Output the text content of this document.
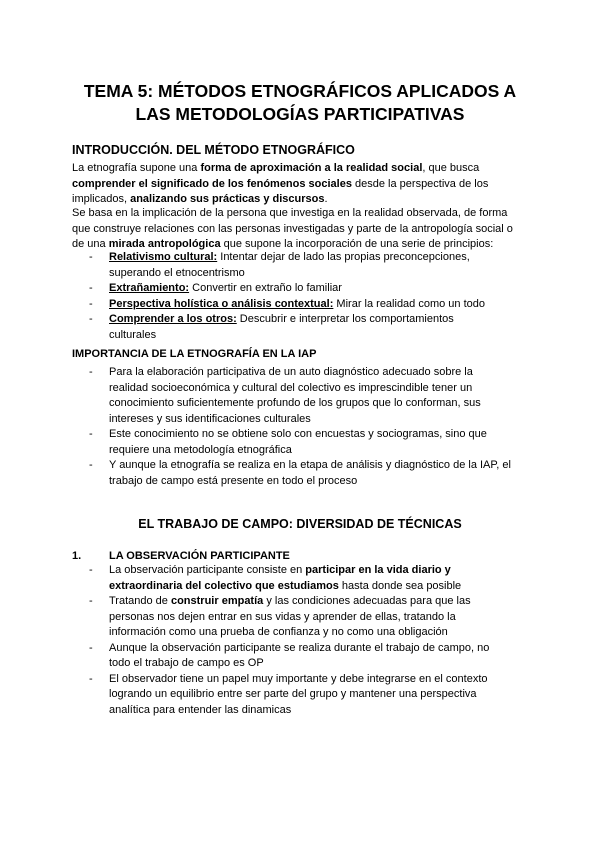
TEMA 5: MÉTODOS ETNOGRÁFICOS APLICADOS A
LAS METODOLOGÍAS PARTICIPATIVAS
INTRODUCCIÓN. DEL MÉTODO ETNOGRÁFICO

La etnografía supone una forma de aproximación a la realidad social, que busca comprender el significado de los fenómenos sociales desde la perspectiva de los implicados, analizando sus prácticas y discursos.

Se basa en la implicación de la persona que investiga en la realidad observada, de forma que construye relaciones con las personas investigadas y parte de la antropología social o de una mirada antropológica que supone la incorporación de una serie de principios:

- Relativismo cultural: Intentar dejar de lado las propias preconcepciones, superando el etnocentrismo
- Extrañamiento: Convertir en extraño lo familiar
- Perspectiva holística o análisis contextual: Mirar la realidad como un todo
- Comprender a los otros: Descubrir e interpretar los comportamientos culturales
IMPORTANCIA DE LA ETNOGRAFÍA EN LA IAP
- Para la elaboración participativa de un auto diagnóstico adecuado sobre la realidad socioeconómica y cultural del colectivo es imprescindible tener un conocimiento suficientemente profundo de los grupos que lo conforman, sus intereses y sus identificaciones culturales
- Este conocimiento no se obtiene solo con encuestas y sociogramas, sino que requiere una metodología etnográfica
- Y aunque la etnografía se realiza en la etapa de análisis y diagnóstico de la IAP, el trabajo de campo está presente en todo el proceso
EL TRABAJO DE CAMPO: DIVERSIDAD DE TÉCNICAS
1.	LA OBSERVACIÓN PARTICIPANTE
- La observación participante consiste en participar en la vida diario y extraordinaria del colectivo que estudiamos hasta donde sea posible
- Tratando de construir empatía y las condiciones adecuadas para que las personas nos dejen entrar en sus vidas y aprender de ellas, tratando la información como una prueba de confianza y no como una obligación
- Aunque la observación participante se realiza durante el trabajo de campo, no todo el trabajo de campo es OP
- El observador tiene un papel muy importante y debe integrarse en el contexto logrando un equilibrio entre ser parte del grupo y mantener una perspectiva analítica para entender las dinamicas
